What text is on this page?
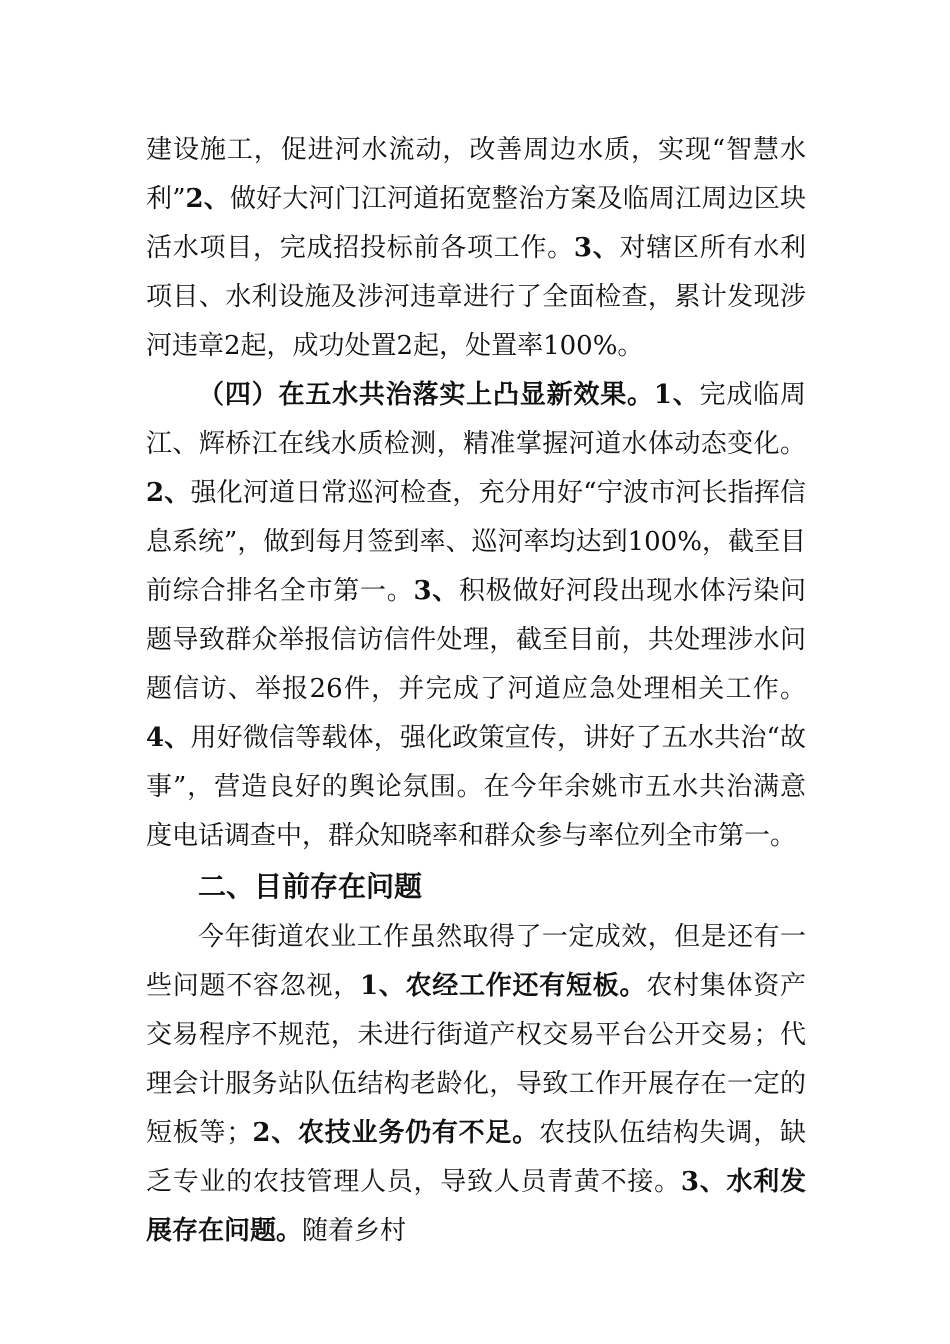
建设施工，促进河水流动，改善周边水质，实现“智慧水利”2、做好大河门江河道拓宽整治方案及临周江周边区块活水项目，完成招投标前各项工作。3、对辖区所有水利项目、水利设施及涉河违章进行了全面检查，累计发现涉河违章2起，成功处置2起，处置率100%。

（四）在五水共治落实上凸显新效果。1、完成临周江、辉桥江在线水质检测，精准掌握河道水体动态变化。2、强化河道日常巡河检查，充分用好“宁波市河长指挥信息系统”，做到每月签到率、巡河率均达到100%，截至目前综合排名全市第一。3、积极做好河段出现水体污染问题导致群众举报信访信件处理，截至目前，共处理涉水问题信访、举报26件，并完成了河道应急处理相关工作。4、用好微信等载体，强化政策宣传，讲好了五水共治“故事”，营造良好的舆论氛围。在今年余姚市五水共治满意度电话调查中，群众知晓率和群众参与率位列全市第一。

二、目前存在问题

今年街道农业工作虽然取得了一定成效，但是还有一些问题不容忽视，1、农经工作还有短板。农村集体资产交易程序不规范，未进行街道产权交易平台公开交易；代理会计服务站队伍结构老龄化，导致工作开展存在一定的短板等；2、农技业务仍有不足。农技队伍结构失调，缺乏专业的农技管理人员，导致人员青黄不接。3、水利发展存在问题。随着乡村
